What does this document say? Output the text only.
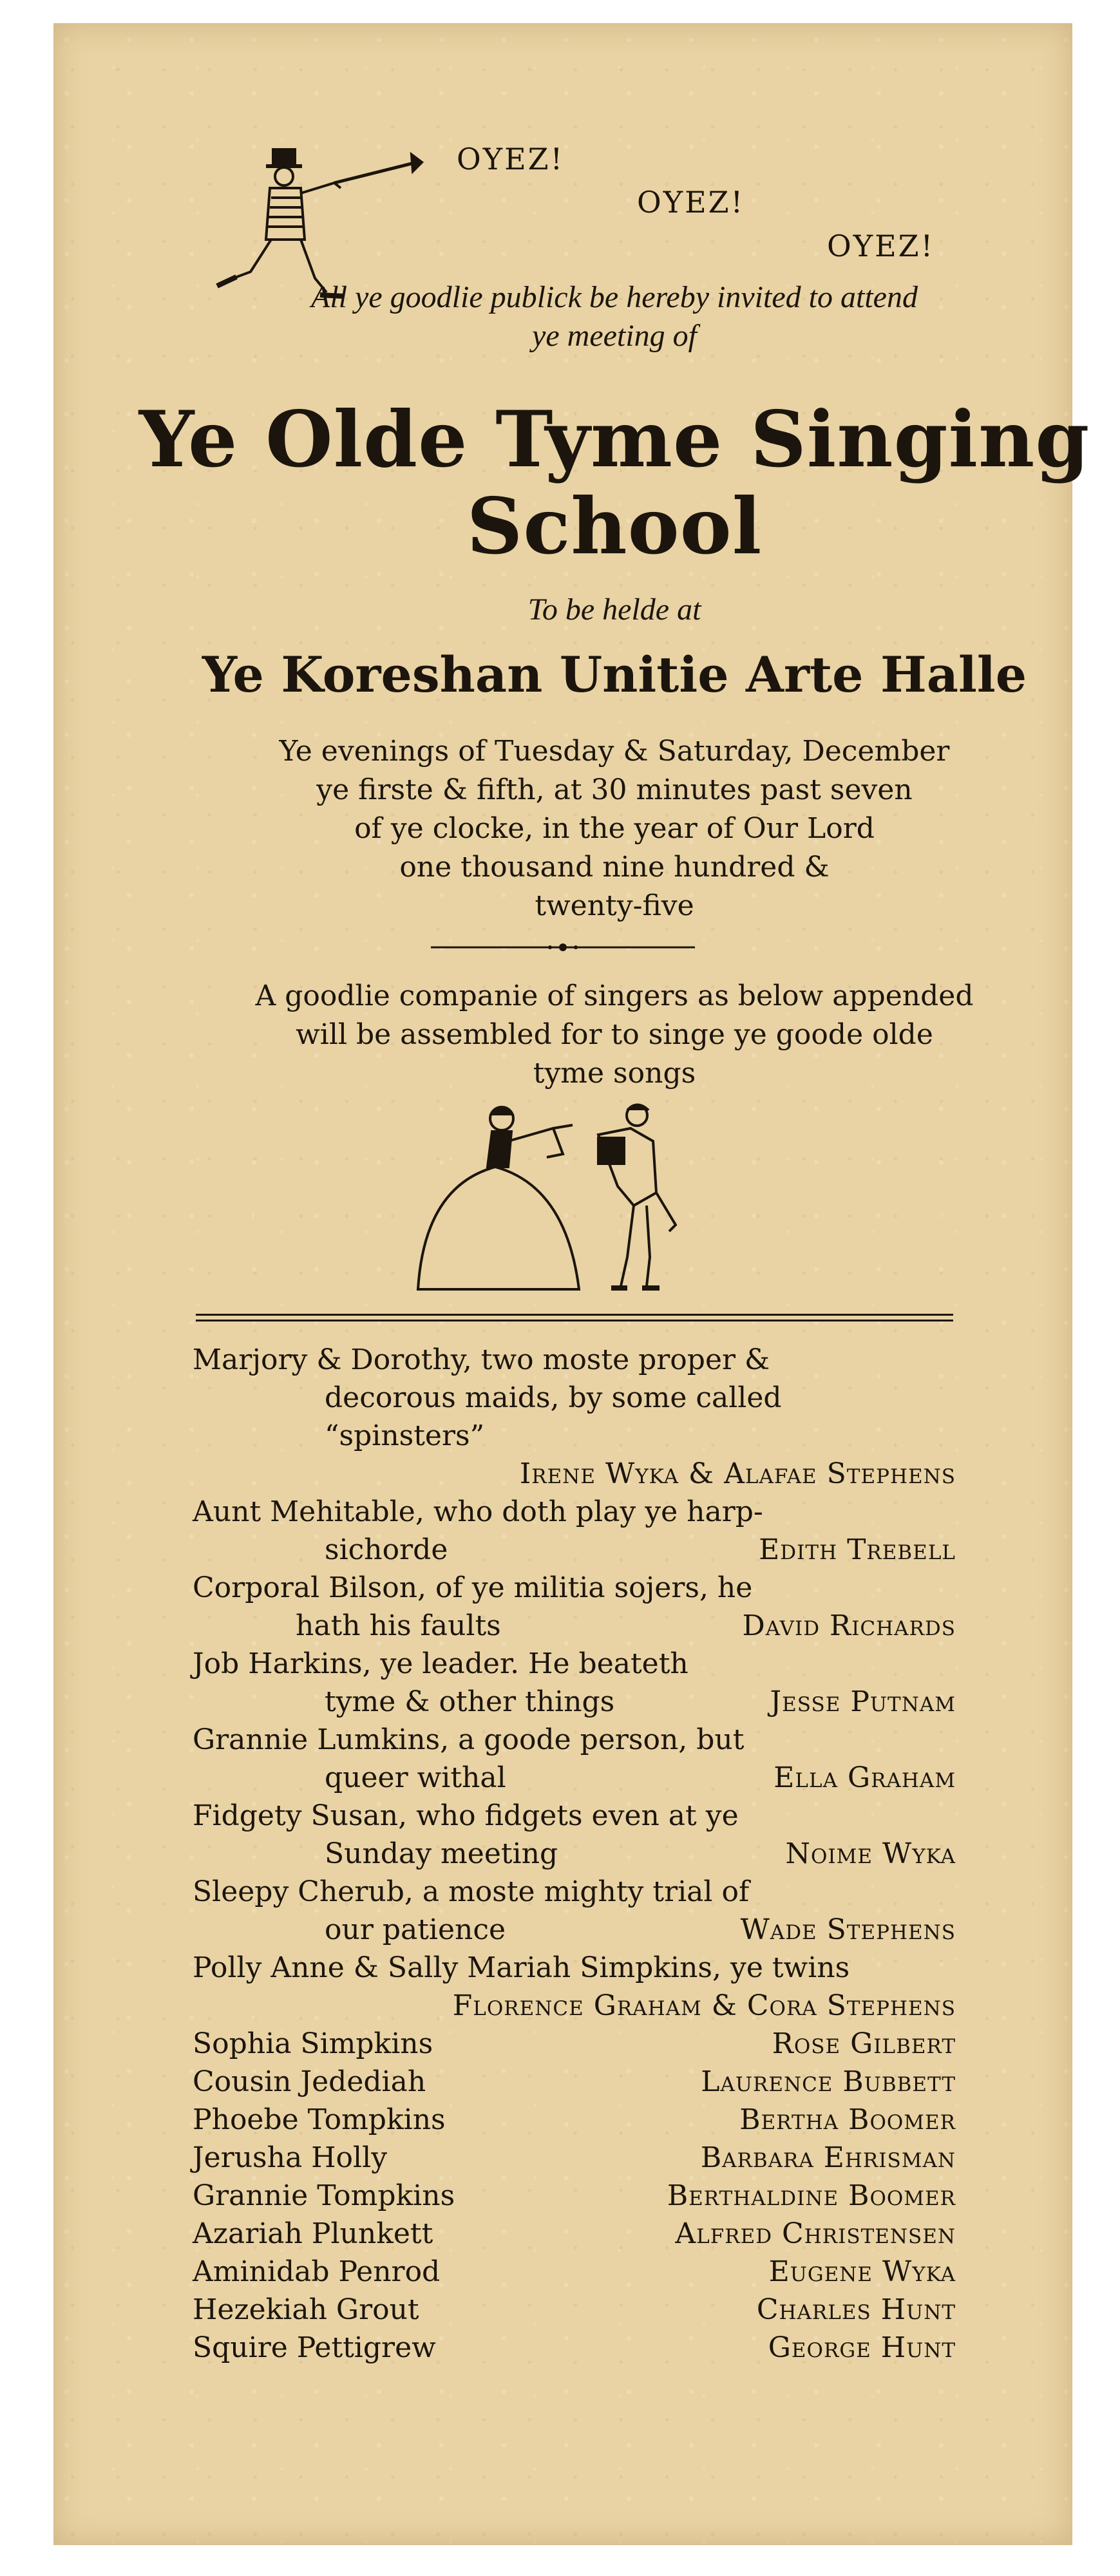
OYEZ!
OYEZ!
OYEZ!
All ye goodlie publick be hereby invited to attend
ye meeting of
Ye Olde Tyme Singing
School
To be helde at
Ye Koreshan Unitie Arte Halle
Ye evenings of Tuesday & Saturday, December
ye firste & fifth, at 30 minutes past seven
of ye clocke, in the year of Our Lord
one thousand nine hundred &
twenty-five
A goodlie companie of singers as below appended
will be assembled for to singe ye goode olde
tyme songs
Marjory & Dorothy, two moste proper &
decorous maids, by some called
“spinsters”
Irene Wyka & Alafae Stephens
Aunt Mehitable, who doth play ye harp-
sichorde	Edith Trebell
Corporal Bilson, of ye militia sojers, he
hath his faults	David Richards
Job Harkins, ye leader. He beateth
tyme & other things	Jesse Putnam
Grannie Lumkins, a goode person, but
queer withal	Ella Graham
Fidgety Susan, who fidgets even at ye
Sunday meeting	Noime Wyka
Sleepy Cherub, a moste mighty trial of
our patience	Wade Stephens
Polly Anne & Sally Mariah Simpkins, ye twins
Florence Graham & Cora Stephens
Sophia Simpkins	Rose Gilbert
Cousin Jedediah	Laurence Bubbett
Phoebe Tompkins	Bertha Boomer
Jerusha Holly	Barbara Ehrisman
Grannie Tompkins	Berthaldine Boomer
Azariah Plunkett	Alfred Christensen
Aminidab Penrod	Eugene Wyka
Hezekiah Grout	Charles Hunt
Squire Pettigrew	George Hunt
